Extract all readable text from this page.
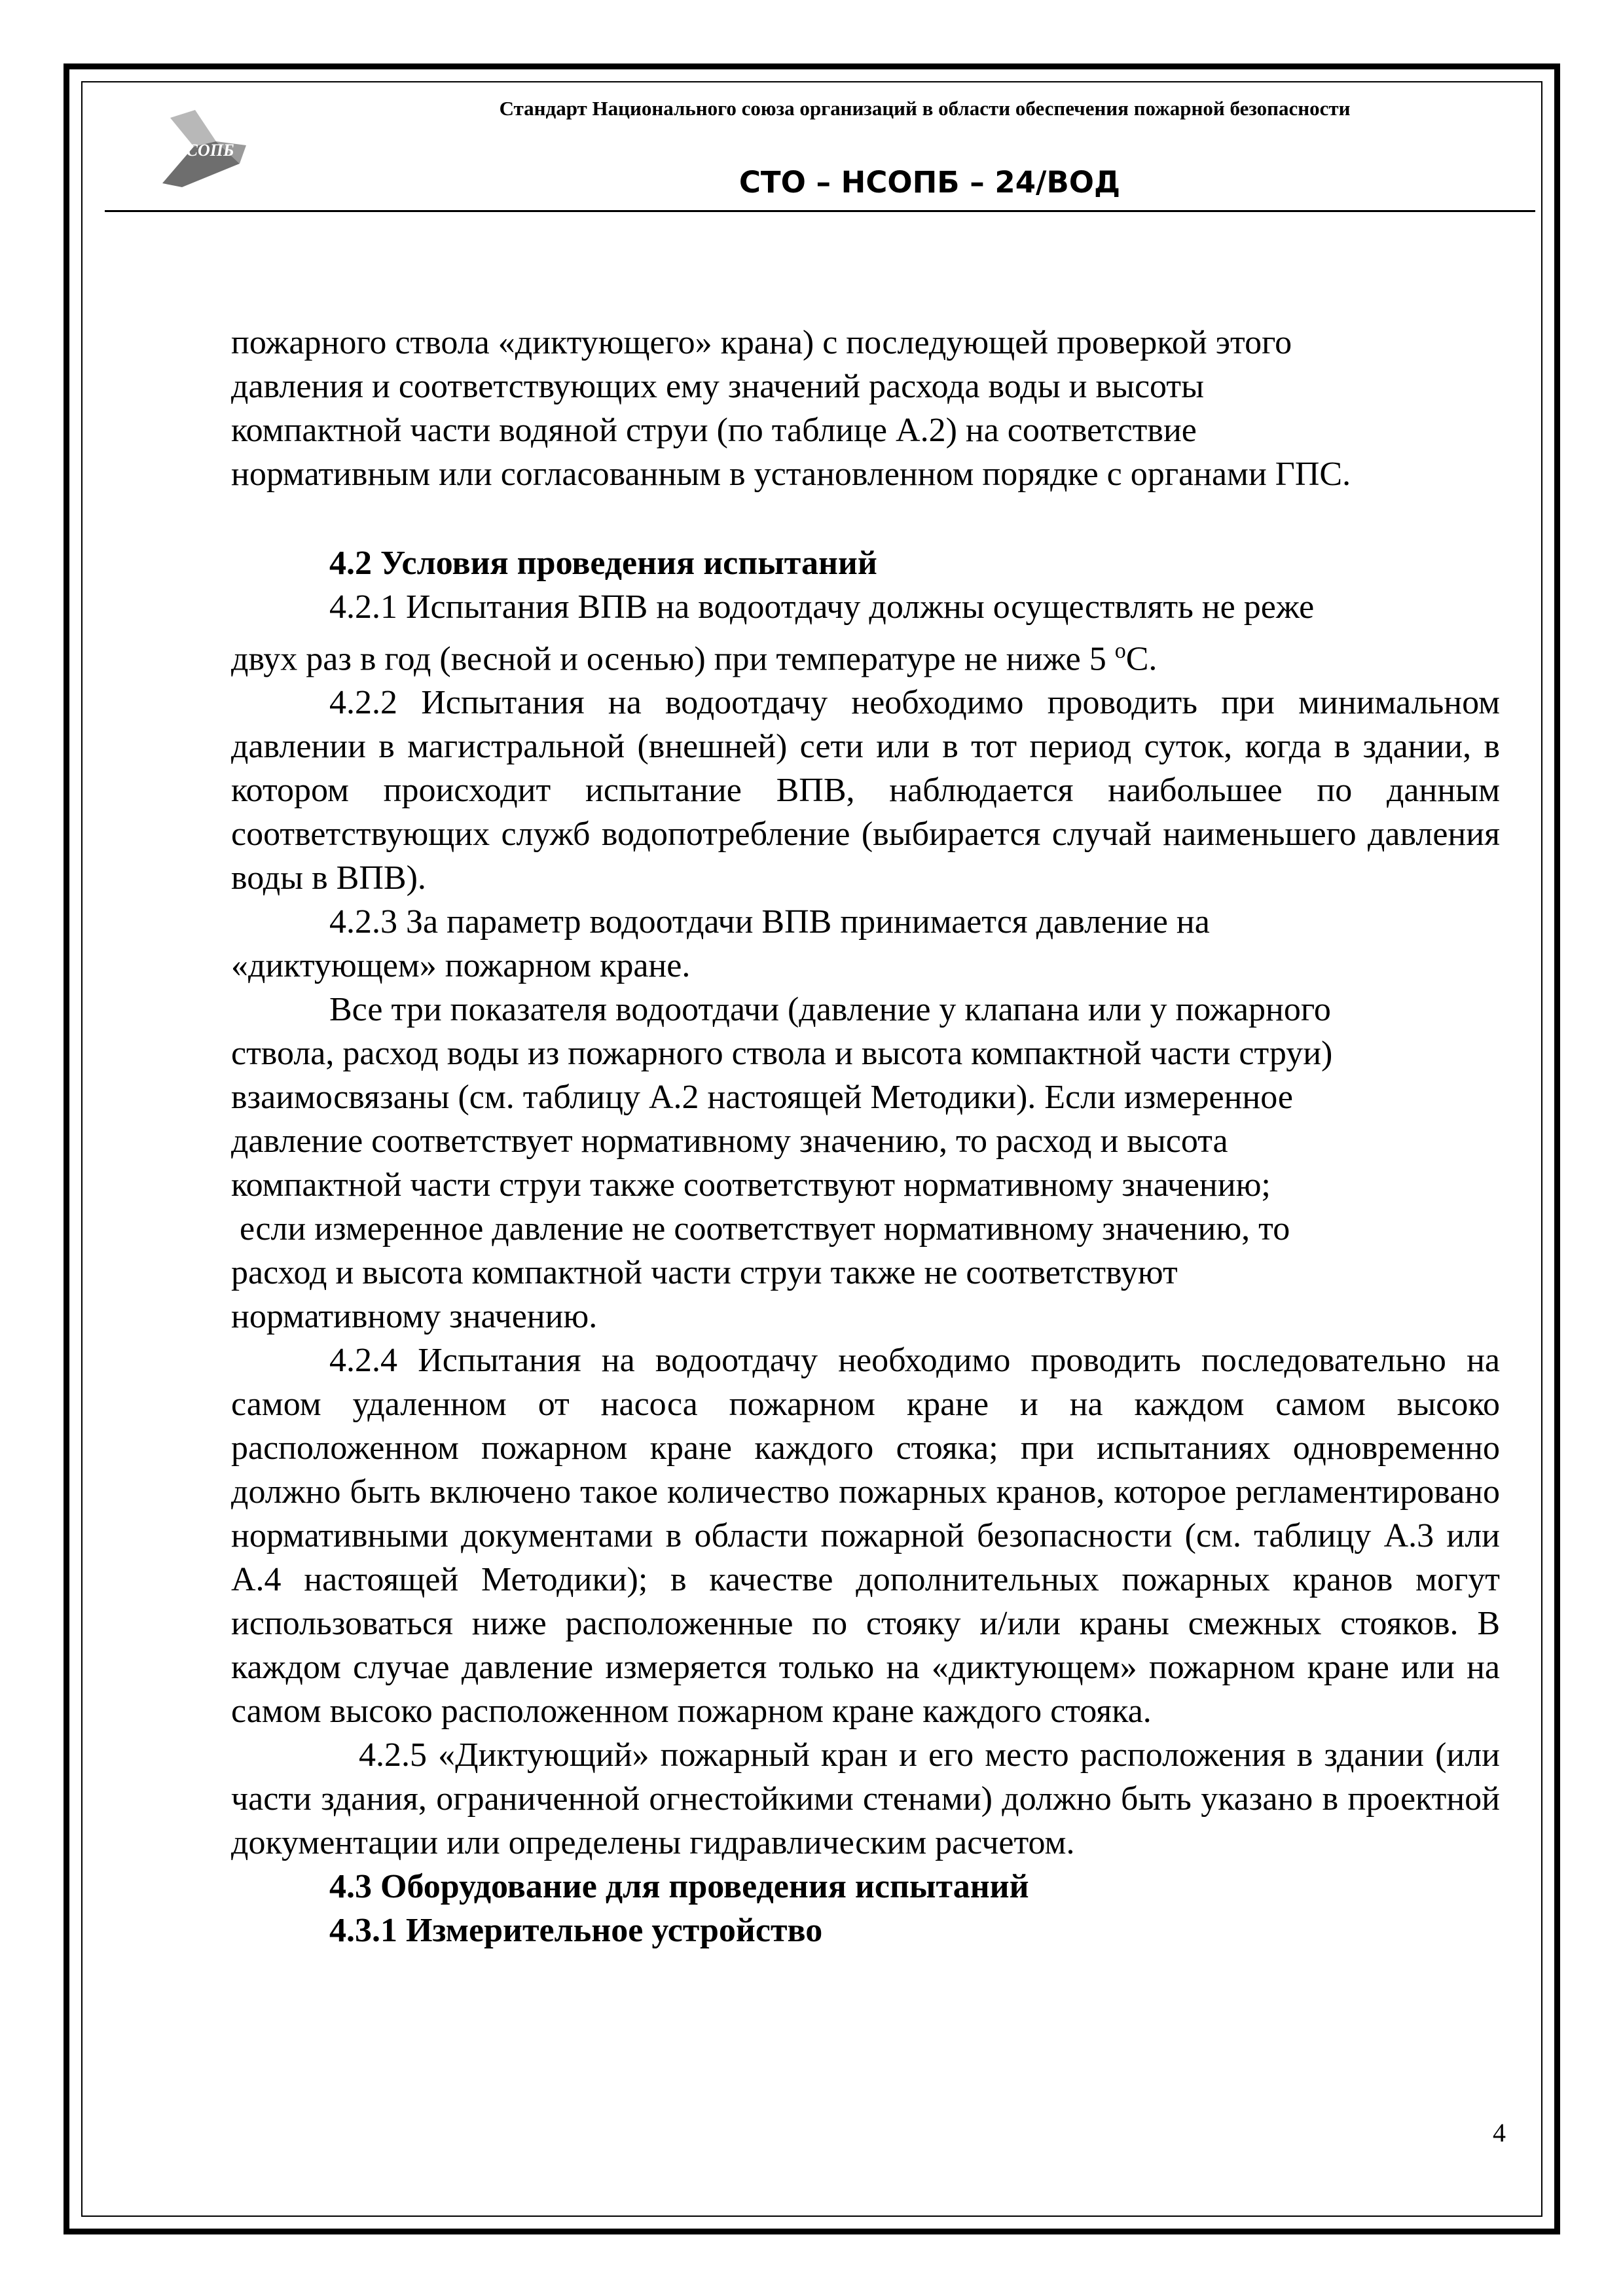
НСОПБ
Стандарт Национального союза организаций в области обеспечения пожарной безопасности
СТО – НСОПБ – 24/ВОД

пожарного ствола «диктующего» крана) с последующей проверкой этого

давления и соответствующих ему значений расхода воды и высоты

компактной части водяной струи (по таблице А.2) на соответствие

нормативным или согласованным в установленном порядке с органами ГПС.

4.2 Условия проведения испытаний

4.2.1 Испытания ВПВ на водоотдачу должны осуществлять не реже

двух раз в год (весной и осенью) при температуре не ниже 5 $^o$С.

4.2.2 Испытания на водоотдачу необходимо проводить при минимальном давлении в магистральной (внешней) сети или в тот период суток, когда в здании, в котором происходит испытание ВПВ, наблюдается наибольшее по данным соответствующих служб водопотребление (выбирается случай наименьшего давления воды в ВПВ).

4.2.3 За параметр водоотдачи ВПВ принимается давление на

«диктующем» пожарном кране.

Все три показателя водоотдачи (давление у клапана или у пожарного

ствола, расход воды из пожарного ствола и высота компактной части струи)

взаимосвязаны (см. таблицу А.2 настоящей Методики). Если измеренное

давление соответствует нормативному значению, то расход и высота

компактной части струи также соответствуют нормативному значению;

если измеренное давление не соответствует нормативному значению, то

расход и высота компактной части струи также не соответствуют

нормативному значению.

4.2.4 Испытания на водоотдачу необходимо проводить последовательно на самом удаленном от насоса пожарном кране и на каждом самом высоко расположенном пожарном кране каждого стояка; при испытаниях одновременно должно быть включено такое количество пожарных кранов, которое регламентировано нормативными документами в области пожарной безопасности (см. таблицу А.3 или А.4 настоящей Методики); в качестве дополнительных пожарных кранов могут использоваться ниже расположенные по стояку и/или краны смежных стояков. В каждом случае давление измеряется только на «диктующем» пожарном кране или на самом высоко расположенном пожарном кране каждого стояка.

4.2.5 «Диктующий» пожарный кран и его место расположения в здании (или части здания, ограниченной огнестойкими стенами) должно быть указано в проектной документации или определены гидравлическим расчетом.

4.3 Оборудование для проведения испытаний

4.3.1 Измерительное устройство

4
